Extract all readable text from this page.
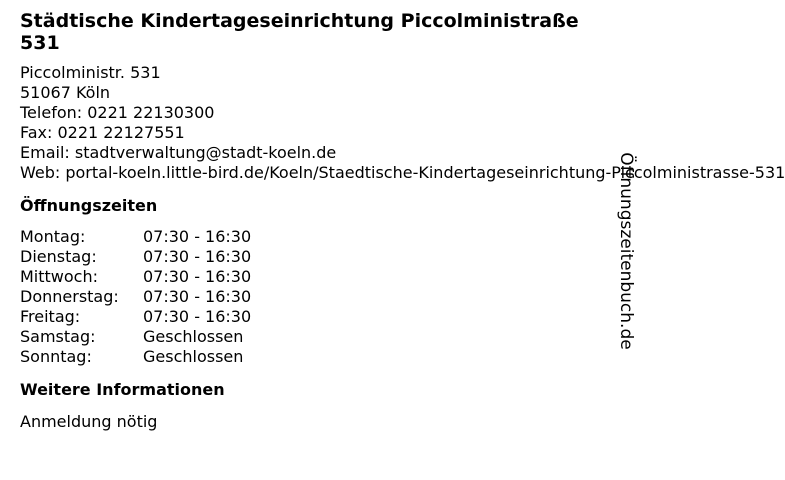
Städtische Kindertageseinrichtung Piccolministraße 531
Piccolministr. 531
51067 Köln
Telefon: 0221 22130300
Fax: 0221 22127551
Email: stadtverwaltung@stadt-koeln.de
Web: portal-koeln.little-bird.de/Koeln/Staedtische-Kindertageseinrichtung-Piccolministrasse-531
Öffnungszeiten
Montag:	07:30 - 16:30
Dienstag:	07:30 - 16:30
Mittwoch:	07:30 - 16:30
Donnerstag:	07:30 - 16:30
Freitag:	07:30 - 16:30
Samstag:	Geschlossen
Sonntag:	Geschlossen
Weitere Informationen
Anmeldung nötig
Öffnungszeitenbuch.de
